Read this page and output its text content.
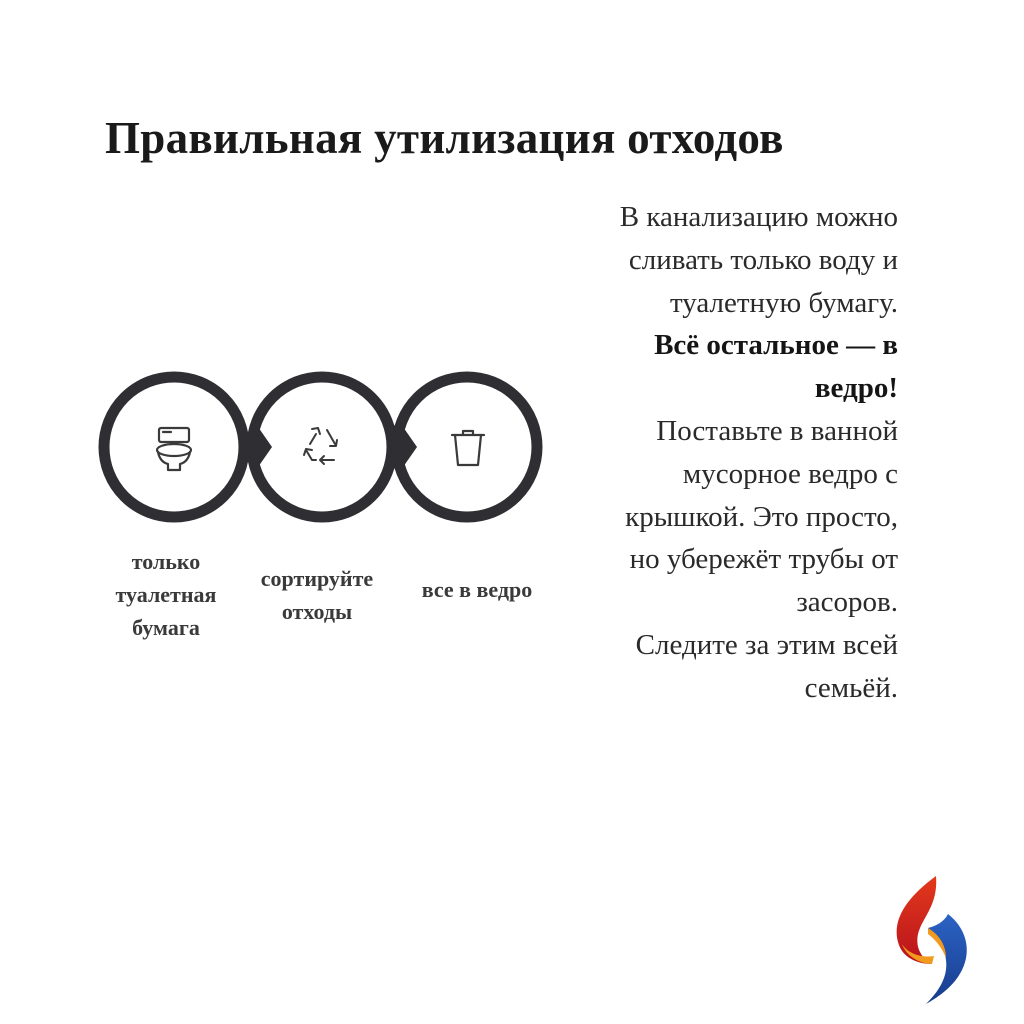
Правильная утилизация отходов
только туалетная бумага
сортируйте отходы
все в ведро

В канализацию можно сливать только воду и туалетную бумагу.

Всё остальное — в ведро!

Поставьте в ванной мусорное ведро с крышкой. Это просто, но убережёт трубы от засоров.

Следите за этим всей семьёй.
